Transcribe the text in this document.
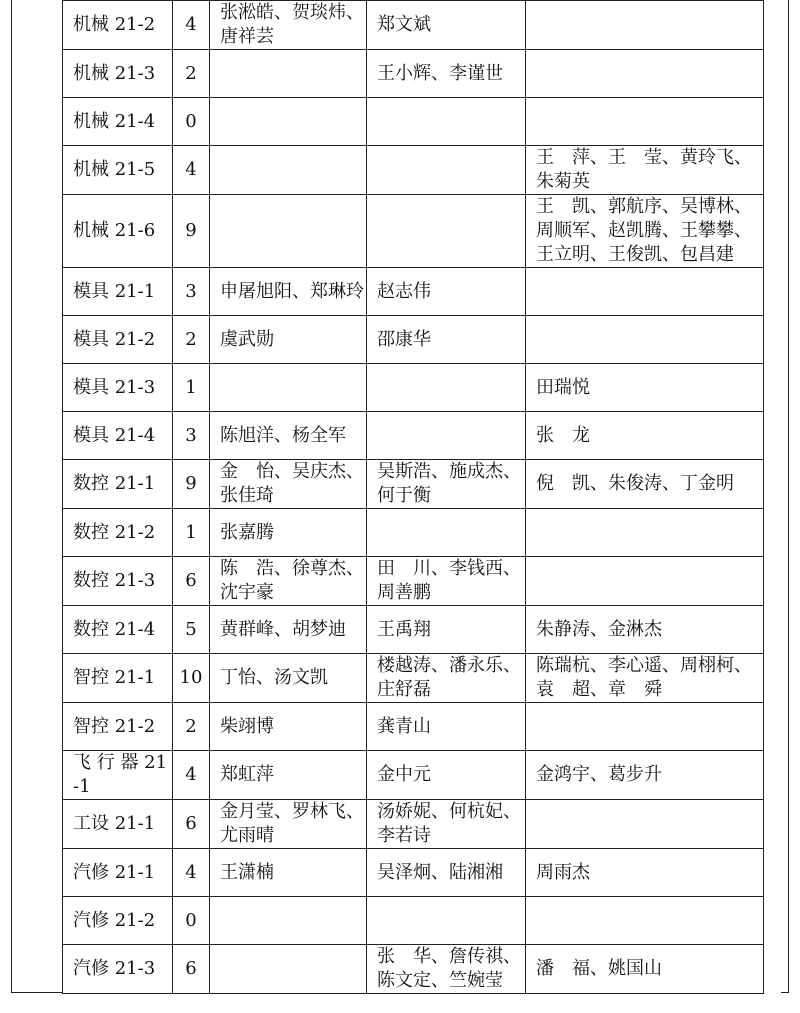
机械 21-2	4	张淞皓、贺琰炜、唐祥芸	郑文斌	
机械 21-3	2		王小辉、李谨世	
机械 21-4	0			
机械 21-5	4			王　萍、王　莹、黄玲飞、朱菊英
机械 21-6	9			王　凯、郭航序、吴博林、周顺军、赵凯腾、王攀攀、王立明、王俊凯、包昌建
模具 21-1	3	申屠旭阳、郑琳玲	赵志伟	
模具 21-2	2	虞武勋	邵康华	
模具 21-3	1			田瑞悦
模具 21-4	3	陈旭洋、杨全军		张　龙
数控 21-1	9	金　怡、吴庆杰、张佳琦	吴斯浩、施成杰、何于衡	倪　凯、朱俊涛、丁金明
数控 21-2	1	张嘉腾		
数控 21-3	6	陈　浩、徐尊杰、沈宇豪	田　川、李钱西、周善鹏	
数控 21-4	5	黄群峰、胡梦迪	王禹翔	朱静涛、金淋杰
智控 21-1	10	丁怡、汤文凯	楼越涛、潘永乐、庄舒磊	陈瑞杭、李心遥、周栩柯、袁　超、章　舜
智控 21-2	2	柴翊博	龚青山	
飞 行 器 21-1	4	郑虹萍	金中元	金鸿宇、葛步升
工设 21-1	6	金月莹、罗林飞、尤雨晴	汤娇妮、何杭妃、李若诗	
汽修 21-1	4	王潇楠	吴泽炯、陆湘湘	周雨杰
汽修 21-2	0			
汽修 21-3	6		张　华、詹传祺、陈文定、竺婉莹	潘　福、姚国山
